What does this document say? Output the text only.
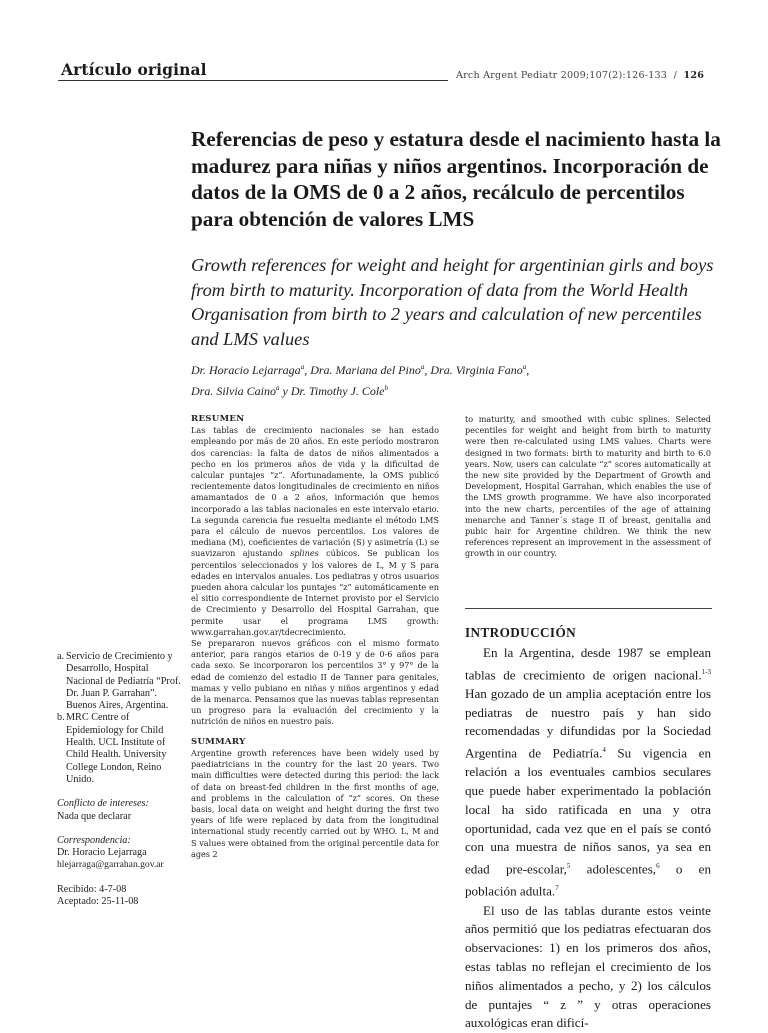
Artículo original	Arch Argent Pediatr 2009;107(2):126-133 / 126
Referencias de peso y estatura desde el nacimiento hasta la madurez para niñas y niños argentinos. Incorporación de datos de la OMS de 0 a 2 años, recálculo de percentilos para obtención de valores LMS
Growth references for weight and height for argentinian girls and boys from birth to maturity. Incorporation of data from the World Health Organisation from birth to 2 years and calculation of new percentiles and LMS values
Dr. Horacio Lejarraga$^a$, Dra. Mariana del Pino$^a$, Dra. Virginia Fano$^a$,
Dra. Silvia Caino$^a$ y Dr. Timothy J. Cole$^b$
RESUMEN

Las tablas de crecimiento nacionales se han estado empleando por más de 20 años. En este período mostraron dos carencias: la falta de datos de niños alimentados a pecho en los primeros años de vida y la dificultad de calcular puntajes “z”. Afortunadamente, la OMS publicó recientemente datos longitudinales de crecimiento en niños amamantados de 0 a 2 años, información que hemos incorporado a las tablas nacionales en este intervalo etario. La segunda carencia fue resuelta mediante el método LMS para el cálculo de nuevos percentilos. Los valores de mediana (M), coeficientes de variación (S) y asimetría (L) se suavizaron ajustando splines cúbicos. Se publican los percentilos seleccionados y los valores de L, M y S para edades en intervalos anuales. Los pediatras y otros usuarios pueden ahora calcular los puntajes “z” automáticamente en el sitio correspondiente de Internet provisto por el Servicio de Crecimiento y Desarrollo del Hospital Garrahan, que permite usar el programa LMS growth: www.garrahan.gov.ar/tdecrecimiento.

Se prepararon nuevos gráficos con el mismo formato anterior, para rangos etarios de 0-19 y de 0-6 años para cada sexo. Se incorporaron los percentilos 3° y 97° de la edad de comienzo del estadio II de Tanner para genitales, mamas y vello pubiano en niñas y niños argentinos y edad de la menarca. Pensamos que las nuevas tablas representan un progreso para la evaluación del crecimiento y la nutrición de niños en nuestro país.

SUMMARY

Argentine growth references have been widely used by paediatricians in the country for the last 20 years. Two main difficulties were detected during this period: the lack of data on breast-fed children in the first months of age, and problems in the calculation of “z” scores. On these basis, local data on weight and height during the first two years of life were replaced by data from the longitudinal international study recently carried out by WHO. L, M and S values were obtained from the original percentile data for ages 2

to maturity, and smoothed with cubic splines. Selected pecentiles for weight and height from birth to maturity were then re-calculated using LMS values. Charts were designed in two formats: birth to maturity and birth to 6.0 years. Now, users can calculate “z” scores automatically at the new site provided by the Department of Growth and Development, Hospital Garrahan, which enables the use of the LMS growth programme. We have also incorporated into the new charts, percentiles of the age of attaining menarche and Tanner´s stage II of breast, genitalia and pubic hair for Argentine children. We think the new references represent an improvement in the assessment of growth in our country.

INTRODUCCIÓN

En la Argentina, desde 1987 se emplean tablas de crecimiento de origen nacional.$^{1-3}$ Han gozado de un amplia aceptación entre los pediatras de nuestro país y han sido recomendadas y difundidas por la Sociedad Argentina de Pediatría.$^4$ Su vigencia en relación a los eventuales cambios seculares que puede haber experimentado la población local ha sido ratificada en una y otra oportunidad, cada vez que en el país se contó con una muestra de niños sanos, ya sea en edad pre-escolar,$^5$ adolescentes,$^6$ o en población adulta.$^7$

El uso de las tablas durante estos veinte años permitió que los pediatras efectuaran dos observaciones: 1) en los primeros dos años, estas tablas no reflejan el crecimiento de los niños alimentados a pecho, y 2) los cálculos de puntajes “ z ” y otras operaciones auxológicas eran dificí-

a. Servicio de Crecimiento y Desarrollo, Hospital Nacional de Pediatría “Prof. Dr. Juan P. Garrahan”. Buenos Aires, Argentina.
b. MRC Centre of Epidemiology for Child Health. UCL Institute of Child Health. University College London, Reino Unido.
Conflicto de intereses:
Nada que declarar
Correspondencia:
Dr. Horacio Lejarraga
hlejarraga@garrahan.gov.ar
Recibido: 4-7-08
Aceptado: 25-11-08
